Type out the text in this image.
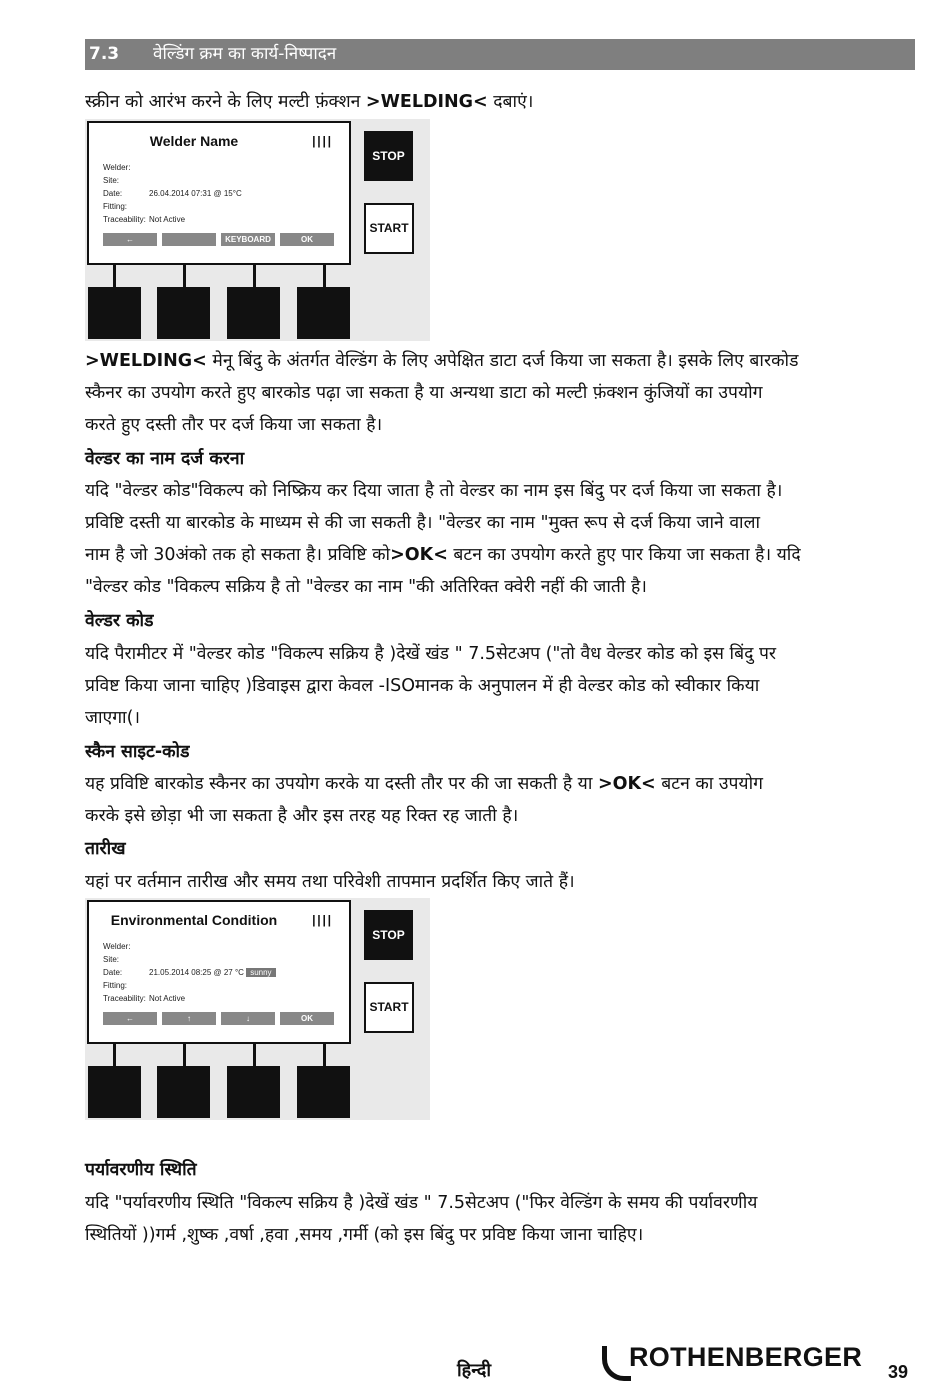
7.3 वेल्डिंग क्रम का कार्य-निष्पादन

स्क्रीन को आरंभ करने के लिए मल्टी फ़ंक्शन >WELDING< दबाएं।

Welder Name	||||
Welder:
Site:
Date:	26.04.2014 07:31 @ 15°C
Fitting:
Traceability: Not Active
←	KEYBOARD	OK
STOP
START

>WELDING< मेनू बिंदु के अंतर्गत वेल्डिंग के लिए अपेक्षित डाटा दर्ज किया जा सकता है। इसके लिए बारकोड
स्कैनर का उपयोग करते हुए बारकोड पढ़ा जा सकता है या अन्यथा डाटा को मल्टी फ़ंक्शन कुंजियों का उपयोग
करते हुए दस्ती तौर पर दर्ज किया जा सकता है।

वेल्डर का नाम दर्ज करना

यदि "वेल्डर कोड"विकल्प को निष्क्रिय कर दिया जाता है तो वेल्डर का नाम इस बिंदु पर दर्ज किया जा सकता है।
प्रविष्टि दस्ती या बारकोड के माध्यम से की जा सकती है। "वेल्डर का नाम "मुक्त रूप से दर्ज किया जाने वाला
नाम है जो 30अंको तक हो सकता है। प्रविष्टि को>OK< बटन का उपयोग करते हुए पार किया जा सकता है। यदि
"वेल्डर कोड "विकल्प सक्रिय है तो "वेल्डर का नाम "की अतिरिक्त क्वेरी नहीं की जाती है।

वेल्डर कोड

यदि पैरामीटर में "वेल्डर कोड "विकल्प सक्रिय है )देखें खंड " 7.5सेटअप ("तो वैध वेल्डर कोड को इस बिंदु पर
प्रविष्ट किया जाना चाहिए )डिवाइस द्वारा केवल -ISOमानक के अनुपालन में ही वेल्डर कोड को स्वीकार किया
जाएगा(।

स्कैन साइट-कोड

यह प्रविष्टि बारकोड स्कैनर का उपयोग करके या दस्ती तौर पर की जा सकती है या >OK< बटन का उपयोग
करके इसे छोड़ा भी जा सकता है और इस तरह यह रिक्त रह जाती है।

तारीख

यहां पर वर्तमान तारीख और समय तथा परिवेशी तापमान प्रदर्शित किए जाते हैं।

Environmental Condition	||||
Welder:
Site:
Date:	21.05.2014 08:25 @ 27 °C sunny
Fitting:
Traceability: Not Active
←	↑	↓	OK
STOP
START

पर्यावरणीय स्थिति

यदि "पर्यावरणीय स्थिति "विकल्प सक्रिय है )देखें खंड " 7.5सेटअप ("फिर वेल्डिंग के समय की पर्यावरणीय
स्थितियों ))गर्म ,शुष्क ,वर्षा ,हवा ,समय ,गर्मी (को इस बिंदु पर प्रविष्ट किया जाना चाहिए।

हिन्दी	ROTHENBERGER 39
